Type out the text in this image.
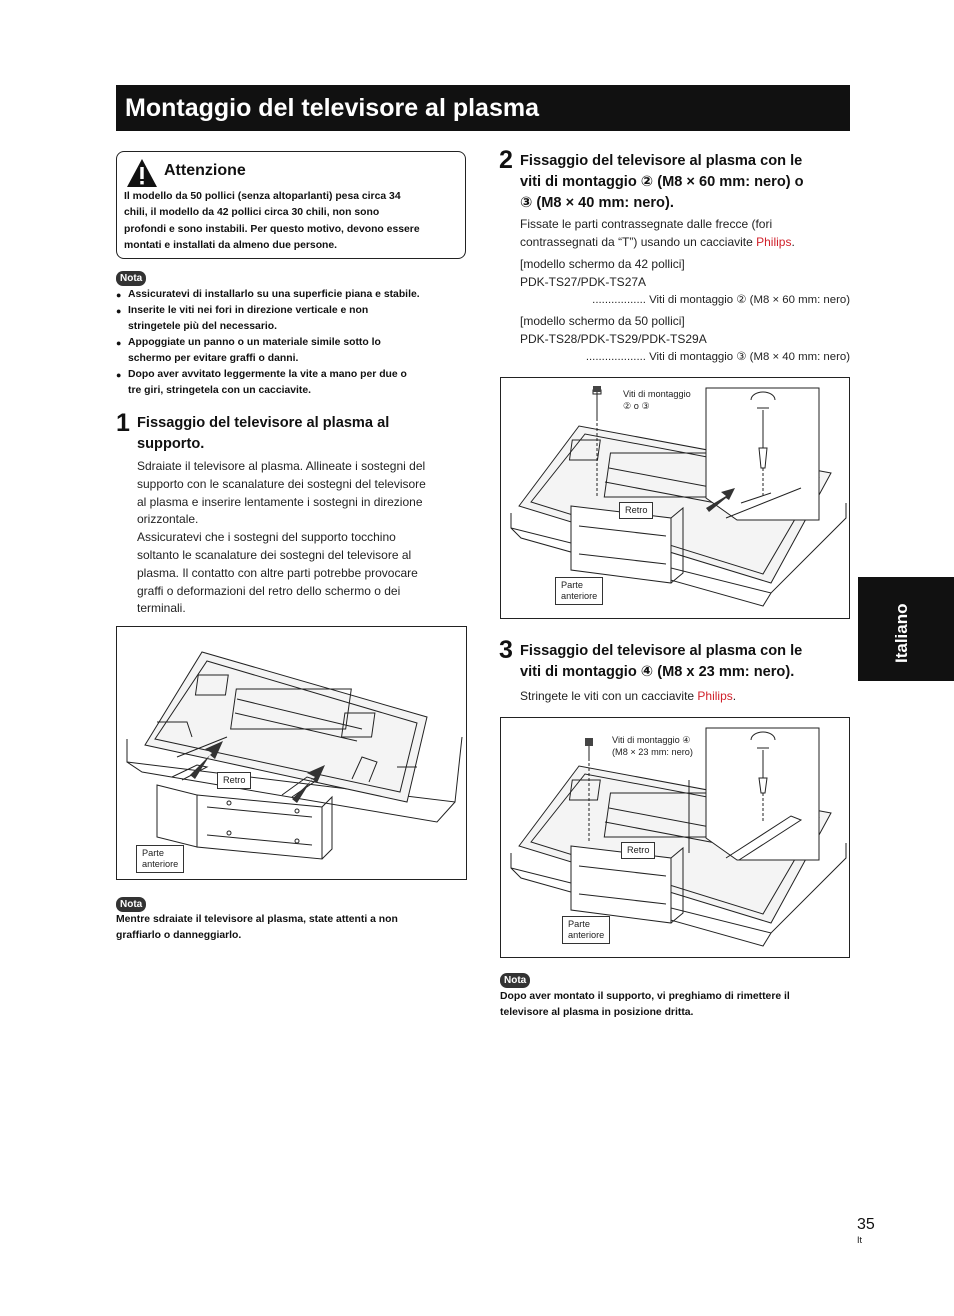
Montaggio del televisore al plasma
Attenzione
Il modello da 50 pollici (senza altoparlanti) pesa circa 34
chili, il modello da 42 pollici circa 30 chili, non sono
profondi e sono instabili. Per questo motivo, devono essere
montati e installati da almeno due persone.
Nota
● Assicuratevi di installarlo su una superficie piana e stabile.
● Inserite le viti nei fori in direzione verticale e non
stringetele più del necessario.
● Appoggiate un panno o un materiale simile sotto lo
schermo per evitare graffi o danni.
● Dopo aver avvitato leggermente la vite a mano per due o
tre giri, stringetela con un cacciavite.
1 Fissaggio del televisore al plasma al
supporto.
Sdraiate il televisore al plasma. Allineate i sostegni del
supporto con le scanalature dei sostegni del televisore
al plasma e inserire lentamente i sostegni in direzione
orizzontale.
Assicuratevi che i sostegni del supporto tocchino
soltanto le scanalature dei sostegni del televisore al
plasma. Il contatto con altre parti potrebbe provocare
graffi o deformazioni del retro dello schermo o dei
terminali.
Retro
Parte
anteriore
Nota
Mentre sdraiate il televisore al plasma, state attenti a non
graffiarlo o danneggiarlo.
2 Fissaggio del televisore al plasma con le
viti di montaggio ② (M8 × 60 mm: nero) o
③ (M8 × 40 mm: nero).
Fissate le parti contrassegnate dalle frecce (fori
contrassegnati da “T”) usando un cacciavite Philips.
[modello schermo da 42 pollici]
PDK-TS27/PDK-TS27A
................. Viti di montaggio ② (M8 × 60 mm: nero)
[modello schermo da 50 pollici]
PDK-TS28/PDK-TS29/PDK-TS29A
................... Viti di montaggio ③ (M8 × 40 mm: nero)
Viti di montaggio
② o ③
Retro
Parte
anteriore
3 Fissaggio del televisore al plasma con le
viti di montaggio ④ (M8 x 23 mm: nero).
Stringete le viti con un cacciavite Philips.
Viti di montaggio ④
(M8 × 23 mm: nero)
Retro
Parte
anteriore
Nota
Dopo aver montato il supporto, vi preghiamo di rimettere il
televisore al plasma in posizione dritta.
Italiano
35
It
